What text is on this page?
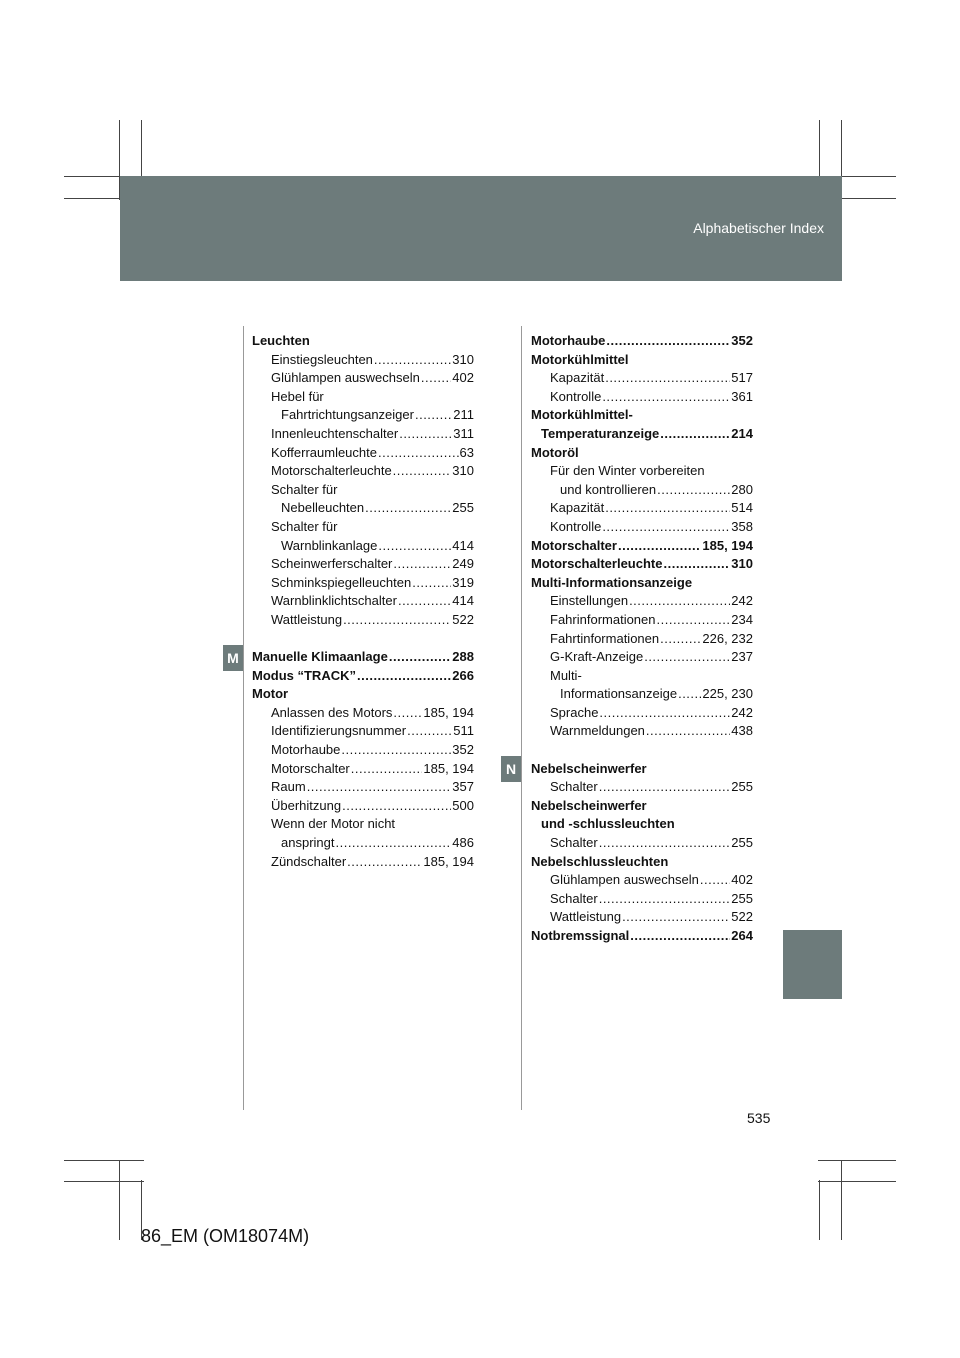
Alphabetischer Index
M
N
Leuchten
Einstiegsleuchten .....	310
Glühlampen auswechseln ..... 402
Hebel für
Fahrtrichtungsanzeiger .....	211
Innenleuchtenschalter .....	311
Kofferraumleuchte .....	63
Motorschalterleuchte .....	310
Schalter für
Nebelleuchten .....	255
Schalter für
Warnblinkanlage .....	414
Scheinwerferschalter .....	249
Schminkspiegelleuchten .....	319
Warnblinklichtschalter .....	414
Wattleistung .....	522
Manuelle Klimaanlage .....	288
Modus “TRACK” .....	266
Motor
Anlassen des Motors ..... 185, 194
Identifizierungsnummer .....	511
Motorhaube .....	352
Motorschalter .....	185, 194
Raum .....	357
Überhitzung .....	500
Wenn der Motor nicht
anspringt .....	486
Zündschalter .....	185, 194
Motorhaube .....	352
Motorkühlmittel
Kapazität .....	517
Kontrolle .....	361
Motorkühlmittel-
Temperaturanzeige .....	214
Motoröl
Für den Winter vorbereiten
und kontrollieren .....	280
Kapazität .....	514
Kontrolle .....	358
Motorschalter .....	185, 194
Motorschalterleuchte .....	310
Multi-Informationsanzeige
Einstellungen .....	242
Fahrinformationen .....	234
Fahrtinformationen .....	226, 232
G-Kraft-Anzeige .....	237
Multi-
Informationsanzeige ..... 225, 230
Sprache .....	242
Warnmeldungen .....	438
Nebelscheinwerfer
Schalter .....	255
Nebelscheinwerfer
und -schlussleuchten
Schalter .....	255
Nebelschlussleuchten
Glühlampen auswechseln ..... 402
Schalter .....	255
Wattleistung .....	522
Notbremssignal .....	264
535
86_EM (OM18074M)
